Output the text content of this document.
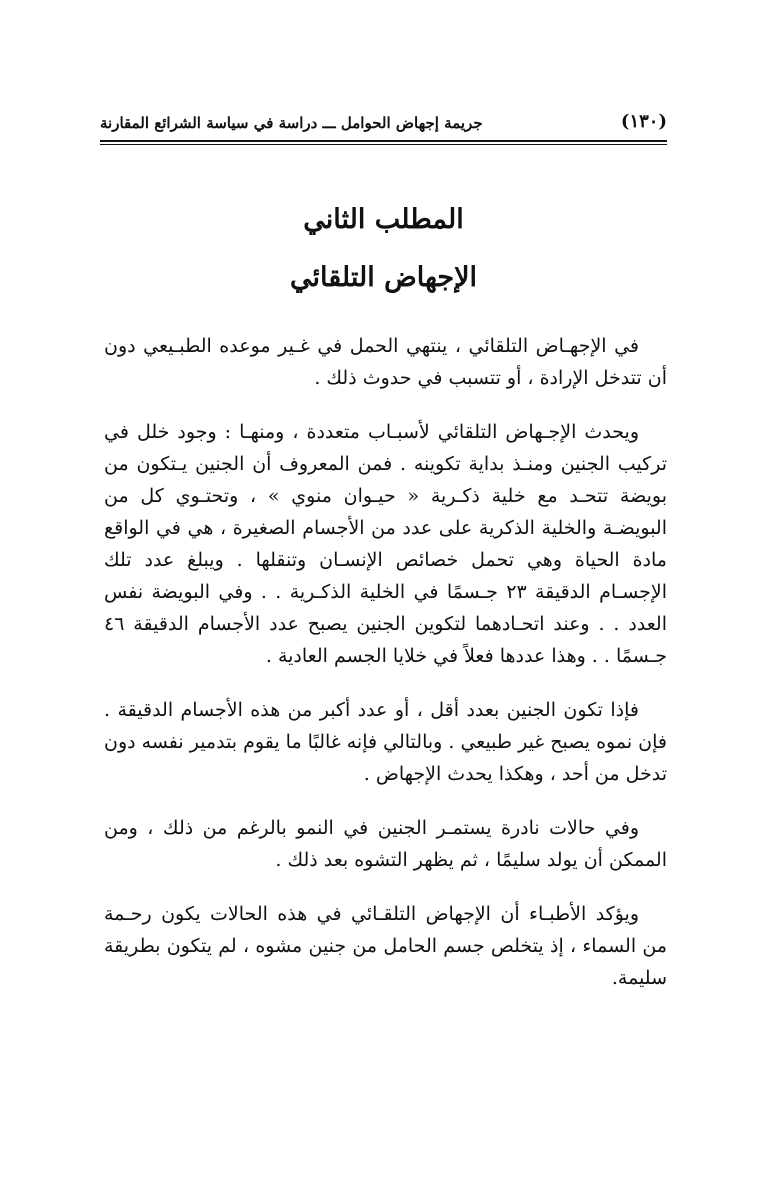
(١٣٠)
جريمة إجهاض الحوامل ـــ دراسة في سياسة الشرائع المقارنة
المطلب الثاني
الإجهاض التلقائي

في الإجهـاض التلقائي ، ينتهي الحمل في غـير موعده الطبـيعي دون أن تتدخل الإرادة ، أو تتسبب في حدوث ذلك .

ويحدث الإجـهاض التلقائي لأسبـاب متعددة ، ومنهـا : وجود خلل في تركيب الجنين ومنـذ بداية تكوينه . فمن المعروف أن الجنين يـتكون من بويضة تتحـد مع خلية ذكـرية « حيـوان منوي » ، وتحتـوي كل من البويضـة والخلية الذكرية على عدد من الأجسام الصغيرة ، هي في الواقع مادة الحياة وهي تحمل خصائص الإنسـان وتنقلها . ويبلغ عدد تلك الإجسـام الدقيقة ٢٣ جـسمًا في الخلية الذكـرية . . وفي البويضة نفس العدد . . وعند اتحـادهما لتكوين الجنين يصبح عدد الأجسام الدقيقة ٤٦ جـسمًا . . وهذا عددها فعلاً في خلايا الجسم العادية .

فإذا تكون الجنين بعدد أقل ، أو عدد أكبر من هذه الأجسام الدقيقة . فإن نموه يصبح غير طبيعي . وبالتالي فإنه غالبًا ما يقوم بتدمير نفسه دون تدخل من أحد ، وهكذا يحدث الإجهاض .

وفي حالات نادرة يستمـر الجنين في النمو بالرغم من ذلك ، ومن الممكن أن يولد سليمًا ، ثم يظهر التشوه بعد ذلك .

ويؤكد الأطبـاء أن الإجهاض التلقـائي في هذه الحالات يكون رحـمة من السماء ، إذ يتخلص جسم الحامل من جنين مشوه ، لم يتكون بطريقة سليمة.
